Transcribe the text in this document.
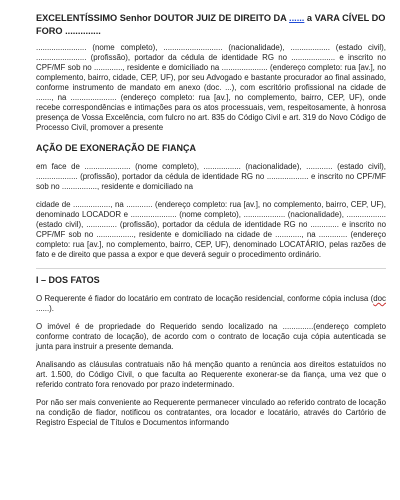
EXCELENTÍSSIMO Senhor DOUTOR JUIZ DE DIREITO DA ...... a VARA CÍVEL DO FORO ..............

....................... (nome completo), ........................... (nacionalidade), .................. (estado civil), ....................... (profissão), portador da cédula de identidade RG no .................... e inscrito no CPF/MF sob no ............., residente e domiciliado na ..................... (endereço completo: rua [av.], no complemento, bairro, cidade, CEP, UF), por seu Advogado e bastante procurador ao final assinado, conforme instrumento de mandato em anexo (doc. ...), com escritório profissional na cidade de ......., na ..................... (endereço completo: rua [av.], no complemento, bairro, CEP, UF), onde recebe correspondências e intimações para os atos processuais, vem, respeitosamente, à honrosa presença de Vossa Excelência, com fulcro no art. 835 do Código Civil e art. 319 do Novo Código de Processo Civil, promover a presente

AÇÃO DE EXONERAÇÃO DE FIANÇA

em face de ..................... (nome completo), ................. (nacionalidade), ............ (estado civil), ................... (profissão), portador da cédula de identidade RG no ................... e inscrito no CPF/MF sob no ................, residente e domiciliado na

cidade de ................., na ............ (endereço completo: rua [av.], no complemento, bairro, CEP, UF), denominado LOCADOR e ..................... (nome completo), ................... (nacionalidade), .................. (estado civil), .............. (profissão), portador da cédula de identidade RG no ............. e inscrito no CPF/MF sob no ................., residente e domiciliado na cidade de ............, na ............. (endereço completo: rua [av.], no complemento, bairro, CEP, UF), denominado LOCATÁRIO, pelas razões de fato e de direito que passa a expor e que deverá seguir o procedimento ordinário.

I – DOS FATOS

O Requerente é fiador do locatário em contrato de locação residencial, conforme cópia inclusa (doc ......).

O imóvel é de propriedade do Requerido sendo localizado na ..............(endereço completo conforme contrato de locação), de acordo com o contrato de locação cuja cópia autenticada se junta para instruir a presente demanda.

Analisando as cláusulas contratuais não há menção quanto a renúncia aos direitos estatuídos no art. 1.500, do Código Civil, o que faculta ao Requerente exonerar-se da fiança, uma vez que o referido contrato fora renovado por prazo indeterminado.

Por não ser mais conveniente ao Requerente permanecer vinculado ao referido contrato de locação na condição de fiador, notificou os contratantes, ora locador e locatário, através do Cartório de Registro Especial de Títulos e Documentos informando
